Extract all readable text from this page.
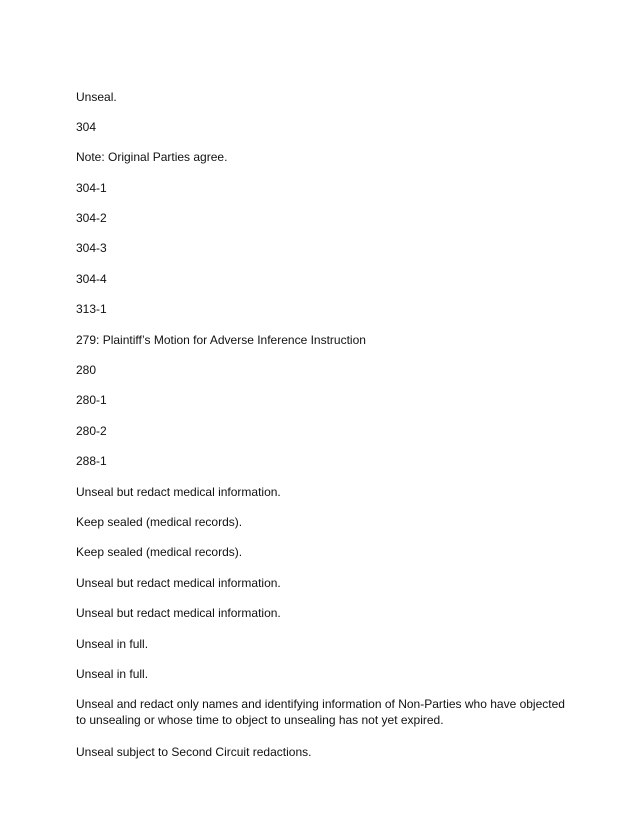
Unseal.

304

Note: Original Parties agree.

304-1

304-2

304-3

304-4

313-1

279: Plaintiff’s Motion for Adverse Inference Instruction

280

280-1

280-2

288-1

Unseal but redact medical information.

Keep sealed (medical records).

Keep sealed (medical records).

Unseal but redact medical information.

Unseal but redact medical information.

Unseal in full.

Unseal in full.

Unseal and redact only names and identifying information of Non-Parties who have objected to unsealing or whose time to object to unsealing has not yet expired.

Unseal subject to Second Circuit redactions.
